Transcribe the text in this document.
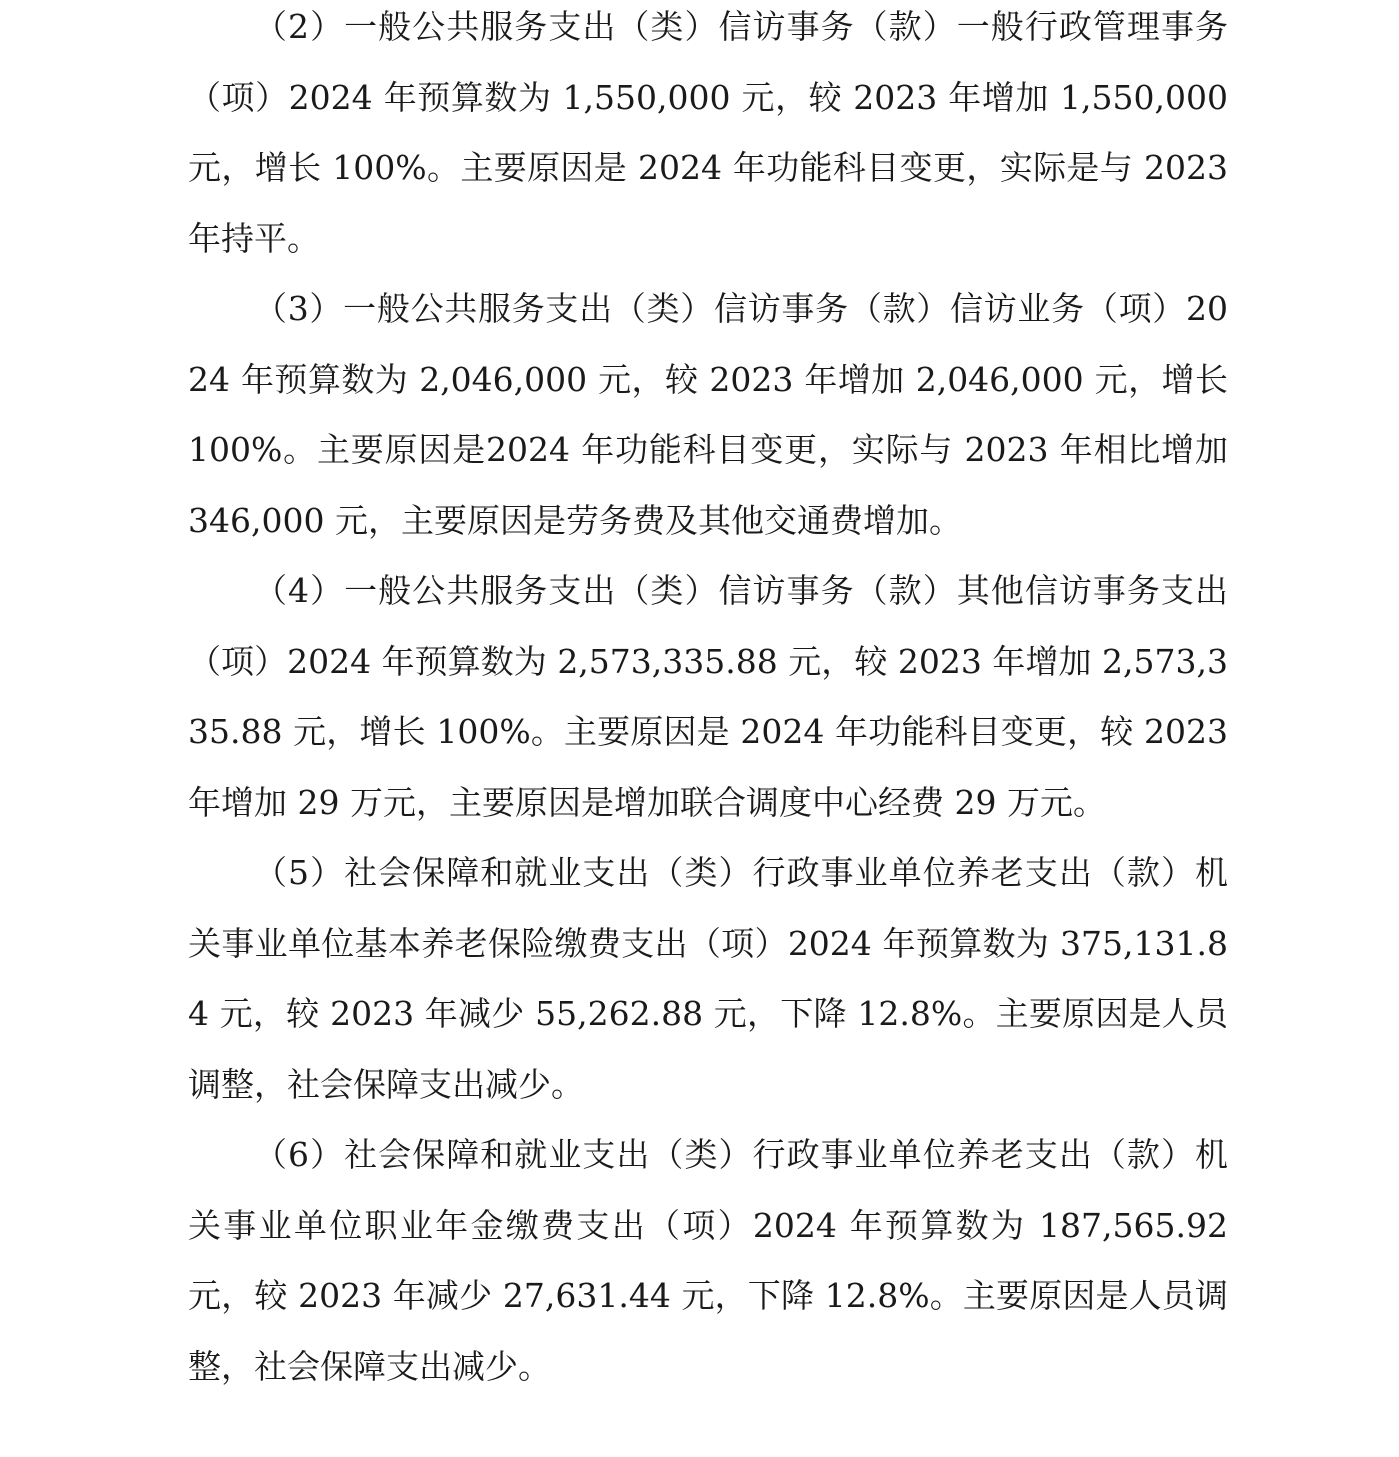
（2）一般公共服务支出（类）信访事务（款）一般行政管理事务（项）2024 年预算数为 1,550,000 元，较 2023 年增加 1,550,000 元，增长 100%。主要原因是 2024 年功能科目变更，实际是与 2023 年持平。

（3）一般公共服务支出（类）信访事务（款）信访业务（项）2024 年预算数为 2,046,000 元，较 2023 年增加 2,046,000 元，增长 100%。主要原因是2024 年功能科目变更，实际与 2023 年相比增加 346,000 元，主要原因是劳务费及其他交通费增加。

（4）一般公共服务支出（类）信访事务（款）其他信访事务支出（项）2024 年预算数为 2,573,335.88 元，较 2023 年增加 2,573,335.88 元，增长 100%。主要原因是 2024 年功能科目变更，较 2023 年增加 29 万元，主要原因是增加联合调度中心经费 29 万元。

（5）社会保障和就业支出（类）行政事业单位养老支出（款）机关事业单位基本养老保险缴费支出（项）2024 年预算数为 375,131.84 元，较 2023 年减少 55,262.88 元，下降 12.8%。主要原因是人员调整，社会保障支出减少。

（6）社会保障和就业支出（类）行政事业单位养老支出（款）机关事业单位职业年金缴费支出（项）2024 年预算数为 187,565.92 元，较 2023 年减少 27,631.44 元，下降 12.8%。主要原因是人员调整，社会保障支出减少。
